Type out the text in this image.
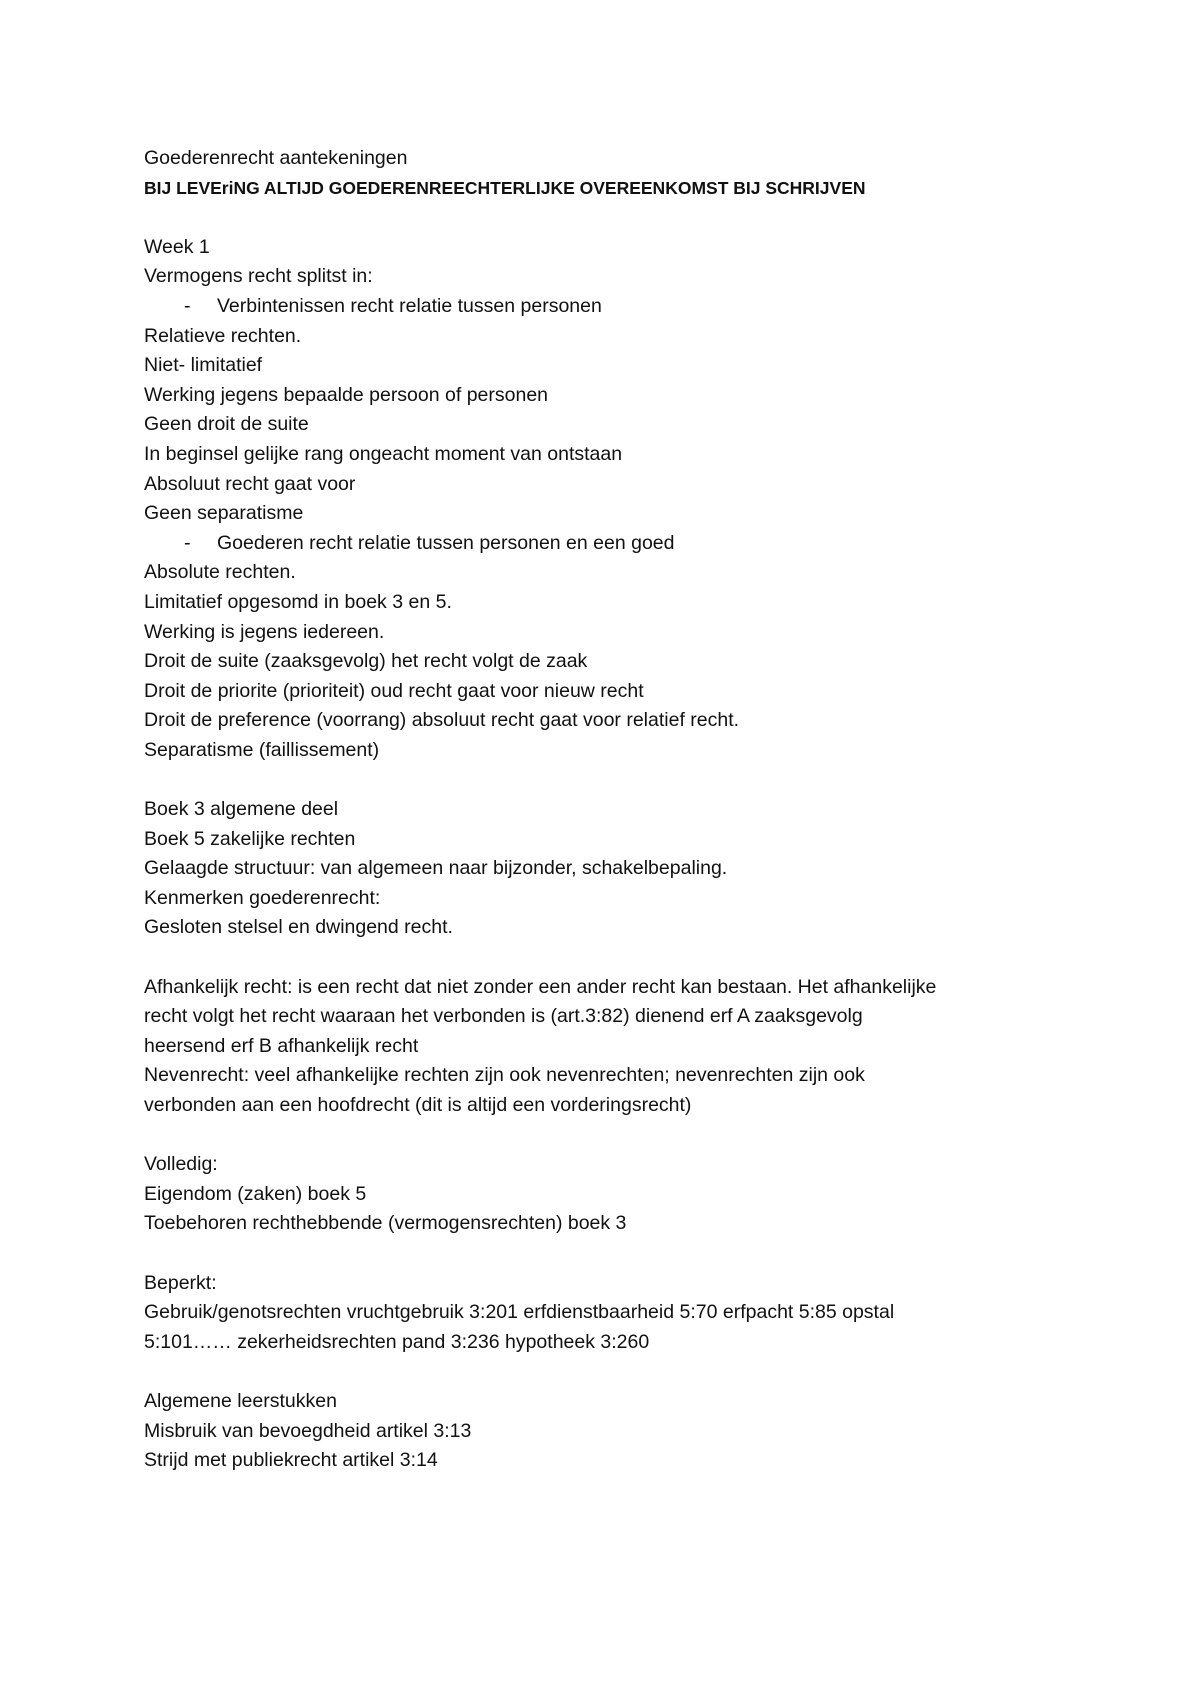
Goederenrecht aantekeningen
BIJ LEVEriNG ALTIJD GOEDERENREECHTERLIJKE OVEREENKOMST BIJ SCHRIJVEN
Week 1
Vermogens recht splitst in:
- Verbintenissen recht relatie tussen personen
Relatieve rechten.
Niet- limitatief
Werking jegens bepaalde persoon of personen
Geen droit de suite
In beginsel gelijke rang ongeacht moment van ontstaan
Absoluut recht gaat voor
Geen separatisme
- Goederen recht relatie tussen personen en een goed
Absolute rechten.
Limitatief opgesomd in boek 3 en 5.
Werking is jegens iedereen.
Droit de suite (zaaksgevolg) het recht volgt de zaak
Droit de priorite (prioriteit) oud recht gaat voor nieuw recht
Droit de preference (voorrang) absoluut recht gaat voor relatief recht.
Separatisme (faillissement)
Boek 3 algemene deel
Boek 5 zakelijke rechten
Gelaagde structuur: van algemeen naar bijzonder, schakelbepaling.
Kenmerken goederenrecht:
Gesloten stelsel en dwingend recht.
Afhankelijk recht: is een recht dat niet zonder een ander recht kan bestaan. Het afhankelijke
recht volgt het recht waaraan het verbonden is (art.3:82) dienend erf A zaaksgevolg
heersend erf B afhankelijk recht
Nevenrecht: veel afhankelijke rechten zijn ook nevenrechten; nevenrechten zijn ook
verbonden aan een hoofdrecht (dit is altijd een vorderingsrecht)
Volledig:
Eigendom (zaken) boek 5
Toebehoren rechthebbende (vermogensrechten) boek 3
Beperkt:
Gebruik/genotsrechten vruchtgebruik 3:201 erfdienstbaarheid 5:70 erfpacht 5:85 opstal
5:101…… zekerheidsrechten pand 3:236 hypotheek 3:260
Algemene leerstukken
Misbruik van bevoegdheid artikel 3:13
Strijd met publiekrecht artikel 3:14
